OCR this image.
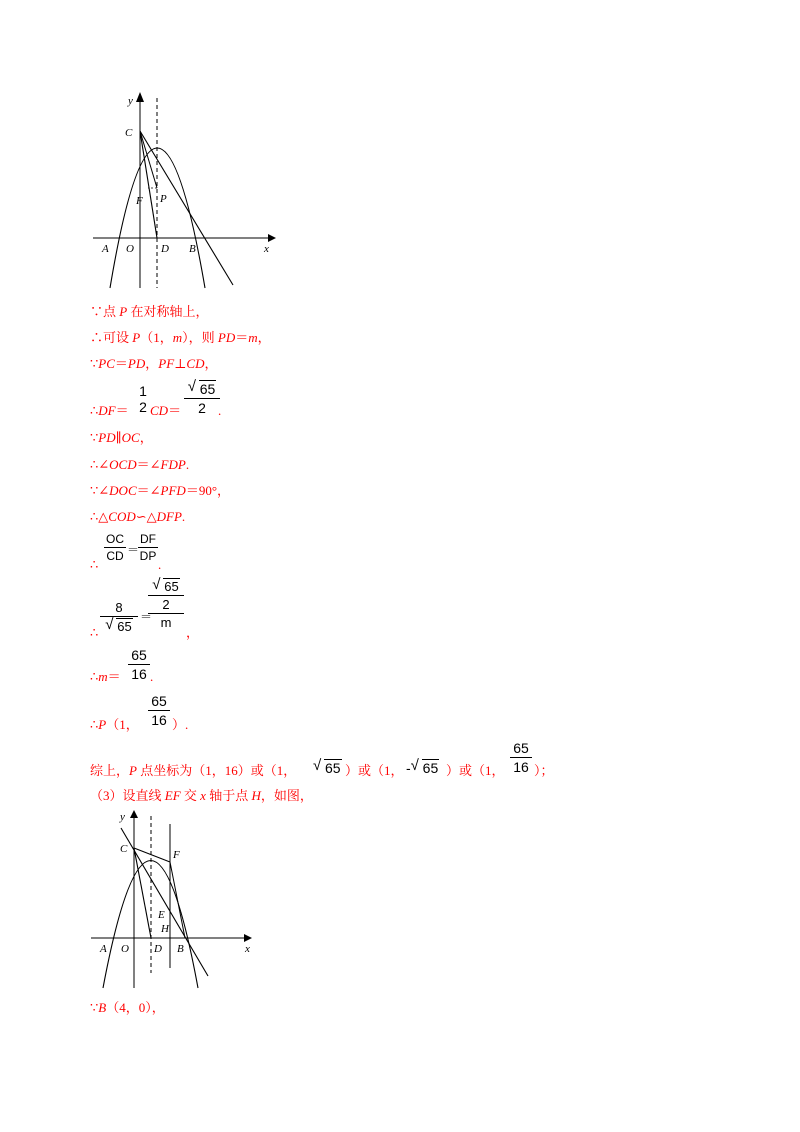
y
C
P
F
A O D B	x
∵点 P 在对称轴上，
∴可设 P（1，m），则 PD＝m，
∵PC＝PD，PF⊥CD，
∴DF＝
1
2 CD＝
√ 65
2 .
∵PD∥OC，
∴∠OCD＝∠FDP.
∵∠DOC＝∠PFD＝90°，
∴△COD∽△DFP.
∴
OC
CD ＝
DF
DP
.
∴
8
√ 65
＝
√ 65
2
m
，
∴m＝
65
16 .
∴P（1，
65
16 ）.
综上，P 点坐标为（1，16）或（1， √ 65 ）或（1， - √ 65 ）或（1，
65
16 ）；
（3）设直线 EF 交 x 轴于点 H，如图，
y
C	F
E
H
A O D B	x
∵B（4，0），
